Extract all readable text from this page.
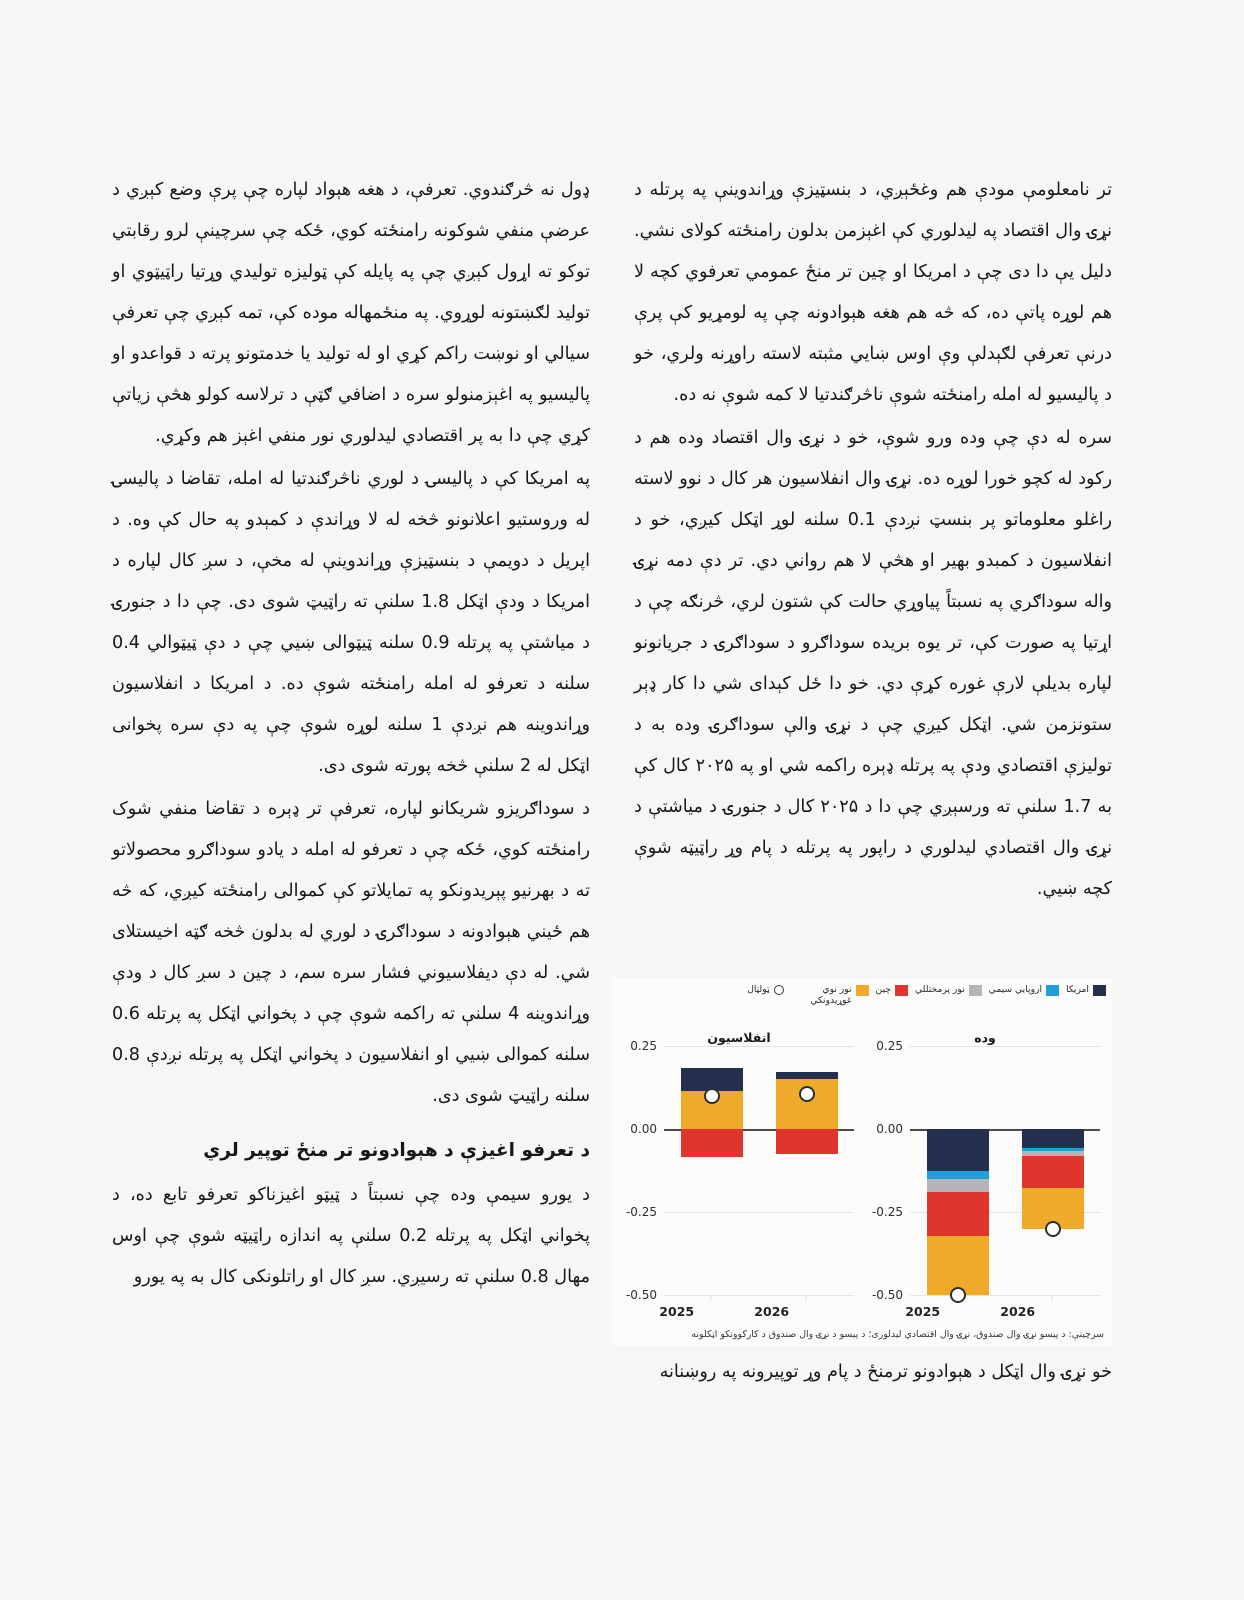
تر نامعلومې مودې هم وغځېږي، د بنسټيزې وړاندوينې په پرتله د نړۍ وال اقتصاد په ليدلوري کې اغېزمن بدلون رامنځته کولای نشي. دليل يې دا دی چې د امريکا او چين تر منځ عمومي تعرفوي کچه لا هم لوړه پاتې ده، که څه هم هغه هېوادونه چې په لومړيو کې پرې درنې تعرفې لګېدلې وې اوس ښايي مثبته لاسته راوړنه ولري، خو د پاليسيو له امله رامنځته شوې ناڅرګندتيا لا کمه شوې نه ده.

سره له دې چې وده ورو شوې، خو د نړۍ وال اقتصاد وده هم د رکود له کچو خورا لوړه ده. نړۍ وال انفلاسيون هر کال د نوو لاسته راغلو معلوماتو پر بنسټ نږدې 0.1 سلنه لوړ اټکل کيږي، خو د انفلاسيون د کمبدو بهير او هڅې لا هم رواني دي. تر دې دمه نړۍ واله سوداګري په نسبتاً پياوړي حالت کې شتون لري، څرنګه چې د اړتيا په صورت کې، تر يوه بريده سوداګرو د سوداګرۍ د جريانونو لپاره بديلې لارې غوره کړې دي. خو دا ځل کېدای شي دا کار ډېر ستونزمن شي. اټکل کيږي چې د نړۍ والې سوداګرۍ وده به د توليزې اقتصادي ودې په پرتله ډېره راکمه شي او په ۲۰۲۵ کال کې به 1.7 سلنې ته ورسېږي چې دا د ۲۰۲۵ کال د جنورۍ د مياشتې د نړۍ وال اقتصادي ليدلوري د راپور په پرتله د پام وړ راټيټه شوې کچه ښيي.

ډول نه څرګندوي. تعرفې، د هغه هېواد لپاره چې پرې وضع کېږي د عرضې منفي شوکونه رامنځته کوي، ځکه چې سرچينې لرو رقابتي توکو ته اړول کېږي چې په پايله کې ټوليزه توليدي وړتيا راټيټوي او توليد لګښتونه لوړوي. په منځمهاله موده کې، تمه کېږي چې تعرفې سيالي او نوښت راکم کړي او له توليد يا خدمتونو پرته د قواعدو او پاليسيو په اغېزمنولو سره د اضافي ګټې د ترلاسه کولو هڅې زياتې کړي چې دا به پر اقتصادي ليدلوري نور منفي اغېز هم وکړي.

په امريکا کې د پاليسۍ د لوري ناڅرګندتيا له امله، تقاضا د پاليسۍ له وروستيو اعلانونو څخه له لا وړاندې د کمېدو په حال کې وه. د اپريل د دويمې د بنسټيزې وړاندوينې له مخې، د سږ کال لپاره د امريکا د ودې اټکل 1.8 سلنې ته راټيټ شوی دی. چې دا د جنورۍ د مياشتې په پرتله 0.9 سلنه ټيټوالی ښيي چې د دې ټيټوالي 0.4 سلنه د تعرفو له امله رامنځته شوې ده. د امريکا د انفلاسيون وړاندوينه هم نږدې 1 سلنه لوړه شوې چې په دې سره پخوانی اټکل له 2 سلنې څخه پورته شوی دی.

د سوداګريزو شريکانو لپاره، تعرفې تر ډېره د تقاضا منفي شوک رامنځته کوي، ځکه چې د تعرفو له امله د يادو سوداګرو محصولاتو ته د بهرنيو پېريدونکو په تمايلاتو کې کموالی رامنځته کيږي، که څه هم ځيني هېوادونه د سوداګرۍ د لوري له بدلون څخه ګټه اخيستلای شي. له دې ديفلاسيوني فشار سره سم، د چين د سږ کال د ودې وړاندوينه 4 سلنې ته راکمه شوې چې د پخواني اټکل په پرتله 0.6 سلنه کموالی ښيي او انفلاسيون د پخواني اټکل په پرتله نږدې 0.8 سلنه راټيټ شوی دی.

د تعرفو اغيزې د هېوادونو تر منځ توپير لري

د يورو سيمې وده چې نسبتاً د ټيټو اغيزناکو تعرفو تابع ده، د پخواني اټکل په پرتله 0.2 سلنې په اندازه راټيټه شوې چې اوس مهال 0.8 سلنې ته رسيږي. سږ کال او راتلونکی کال به په يورو

امريکا
اروپايي سيمي
نور پرمختللي
چين
نور نوي غوړيدونکي
ټولټال
وده
0.25
0.00
-0.25
-0.50
2025	2026
انفلاسيون
0.25
0.00
-0.25
-0.50
2025	2026
سرچينې: د پيسو نړۍ وال صندوق، نړۍ وال اقتصادي ليدلوری؛ د پيسو د نړۍ وال صندوق د کارکوونکو اټکلونه
خو نړۍ وال اټکل د هېوادونو ترمنځ د پام وړ توپيرونه په روښنانه
